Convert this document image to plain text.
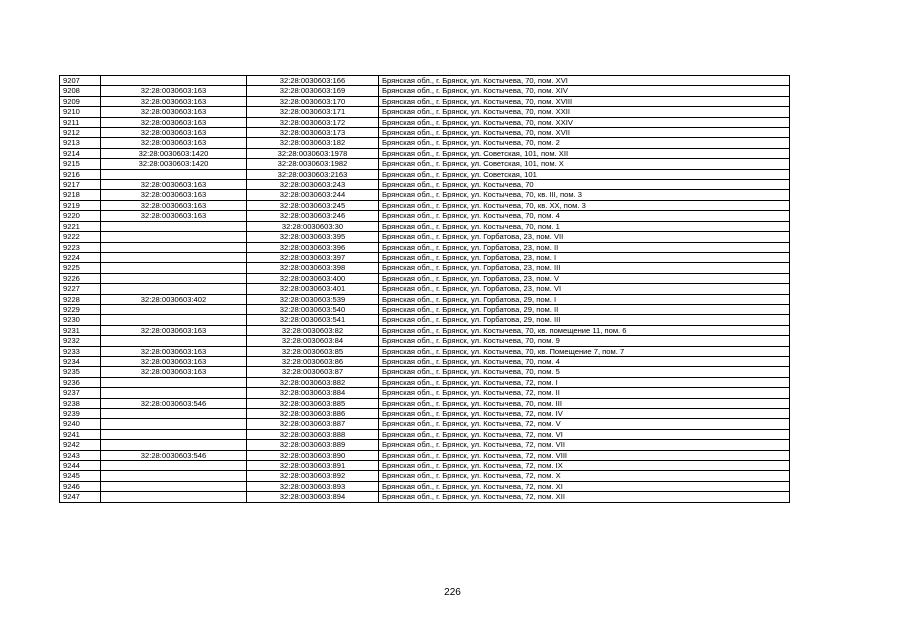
9207		32:28:0030603:166	Брянская обл., г. Брянск, ул. Костычева, 70, пом. XVI
9208	32:28:0030603:163	32:28:0030603:169	Брянская обл., г. Брянск, ул. Костычева, 70, пом. XIV
9209	32:28:0030603:163	32:28:0030603:170	Брянская обл., г. Брянск, ул. Костычева, 70, пом. XVIII
9210	32:28:0030603:163	32:28:0030603:171	Брянская обл., г. Брянск, ул. Костычева, 70, пом. XXII
9211	32:28:0030603:163	32:28:0030603:172	Брянская обл., г. Брянск, ул. Костычева, 70, пом. XXIV
9212	32:28:0030603:163	32:28:0030603:173	Брянская обл., г. Брянск, ул. Костычева, 70, пом. XVII
9213	32:28:0030603:163	32:28:0030603:182	Брянская обл., г. Брянск, ул. Костычева, 70, пом. 2
9214	32:28:0030603:1420	32:28:0030603:1978	Брянская обл., г. Брянск, ул. Советская, 101, пом. XII
9215	32:28:0030603:1420	32:28:0030603:1982	Брянская обл., г. Брянск, ул. Советская, 101, пом. X
9216		32:28:0030603:2163	Брянская обл., г. Брянск, ул. Советская, 101
9217	32:28:0030603:163	32:28:0030603:243	Брянская обл., г. Брянск, ул. Костычева, 70
9218	32:28:0030603:163	32:28:0030603:244	Брянская обл., г. Брянск, ул. Костычева, 70, кв. III, пом. 3
9219	32:28:0030603:163	32:28:0030603:245	Брянская обл., г. Брянск, ул. Костычева, 70, кв. XX, пом. 3
9220	32:28:0030603:163	32:28:0030603:246	Брянская обл., г. Брянск, ул. Костычева, 70, пом. 4
9221		32:28:0030603:30	Брянская обл., г. Брянск, ул. Костычева, 70, пом. 1
9222		32:28:0030603:395	Брянская обл., г. Брянск, ул. Горбатова, 23, пом. VII
9223		32:28:0030603:396	Брянская обл., г. Брянск, ул. Горбатова, 23, пом. II
9224		32:28:0030603:397	Брянская обл., г. Брянск, ул. Горбатова, 23, пом. I
9225		32:28:0030603:398	Брянская обл., г. Брянск, ул. Горбатова, 23, пом. III
9226		32:28:0030603:400	Брянская обл., г. Брянск, ул. Горбатова, 23, пом. V
9227		32:28:0030603:401	Брянская обл., г. Брянск, ул. Горбатова, 23, пом. VI
9228	32:28:0030603:402	32:28:0030603:539	Брянская обл., г. Брянск, ул. Горбатова, 29, пом. I
9229		32:28:0030603:540	Брянская обл., г. Брянск, ул. Горбатова, 29, пом. II
9230		32:28:0030603:541	Брянская обл., г. Брянск, ул. Горбатова, 29, пом. III
9231	32:28:0030603:163	32:28:0030603:82	Брянская обл., г. Брянск, ул. Костычева, 70, кв. помещение 11, пом. 6
9232		32:28:0030603:84	Брянская обл., г. Брянск, ул. Костычева, 70, пом. 9
9233	32:28:0030603:163	32:28:0030603:85	Брянская обл., г. Брянск, ул. Костычева, 70, кв. Помещение 7, пом. 7
9234	32:28:0030603:163	32:28:0030603:86	Брянская обл., г. Брянск, ул. Костычева, 70, пом. 4
9235	32:28:0030603:163	32:28:0030603:87	Брянская обл., г. Брянск, ул. Костычева, 70, пом. 5
9236		32:28:0030603:882	Брянская обл., г. Брянск, ул. Костычева, 72, пом. I
9237		32:28:0030603:884	Брянская обл., г. Брянск, ул. Костычева, 72, пом. II
9238	32:28:0030603:546	32:28:0030603:885	Брянская обл., г. Брянск, ул. Костычева, 70, пом. III
9239		32:28:0030603:886	Брянская обл., г. Брянск, ул. Костычева, 72, пом. IV
9240		32:28:0030603:887	Брянская обл., г. Брянск, ул. Костычева, 72, пом. V
9241		32:28:0030603:888	Брянская обл., г. Брянск, ул. Костычева, 72, пом. VI
9242		32:28:0030603:889	Брянская обл., г. Брянск, ул. Костычева, 72, пом. VII
9243	32:28:0030603:546	32:28:0030603:890	Брянская обл., г. Брянск, ул. Костычева, 72, пом. VIII
9244		32:28:0030603:891	Брянская обл., г. Брянск, ул. Костычева, 72, пом. IX
9245		32:28:0030603:892	Брянская обл., г. Брянск, ул. Костычева, 72, пом. X
9246		32:28:0030603:893	Брянская обл., г. Брянск, ул. Костычева, 72, пом. XI
9247		32:28:0030603:894	Брянская обл., г. Брянск, ул. Костычева, 72, пом. XII
226
